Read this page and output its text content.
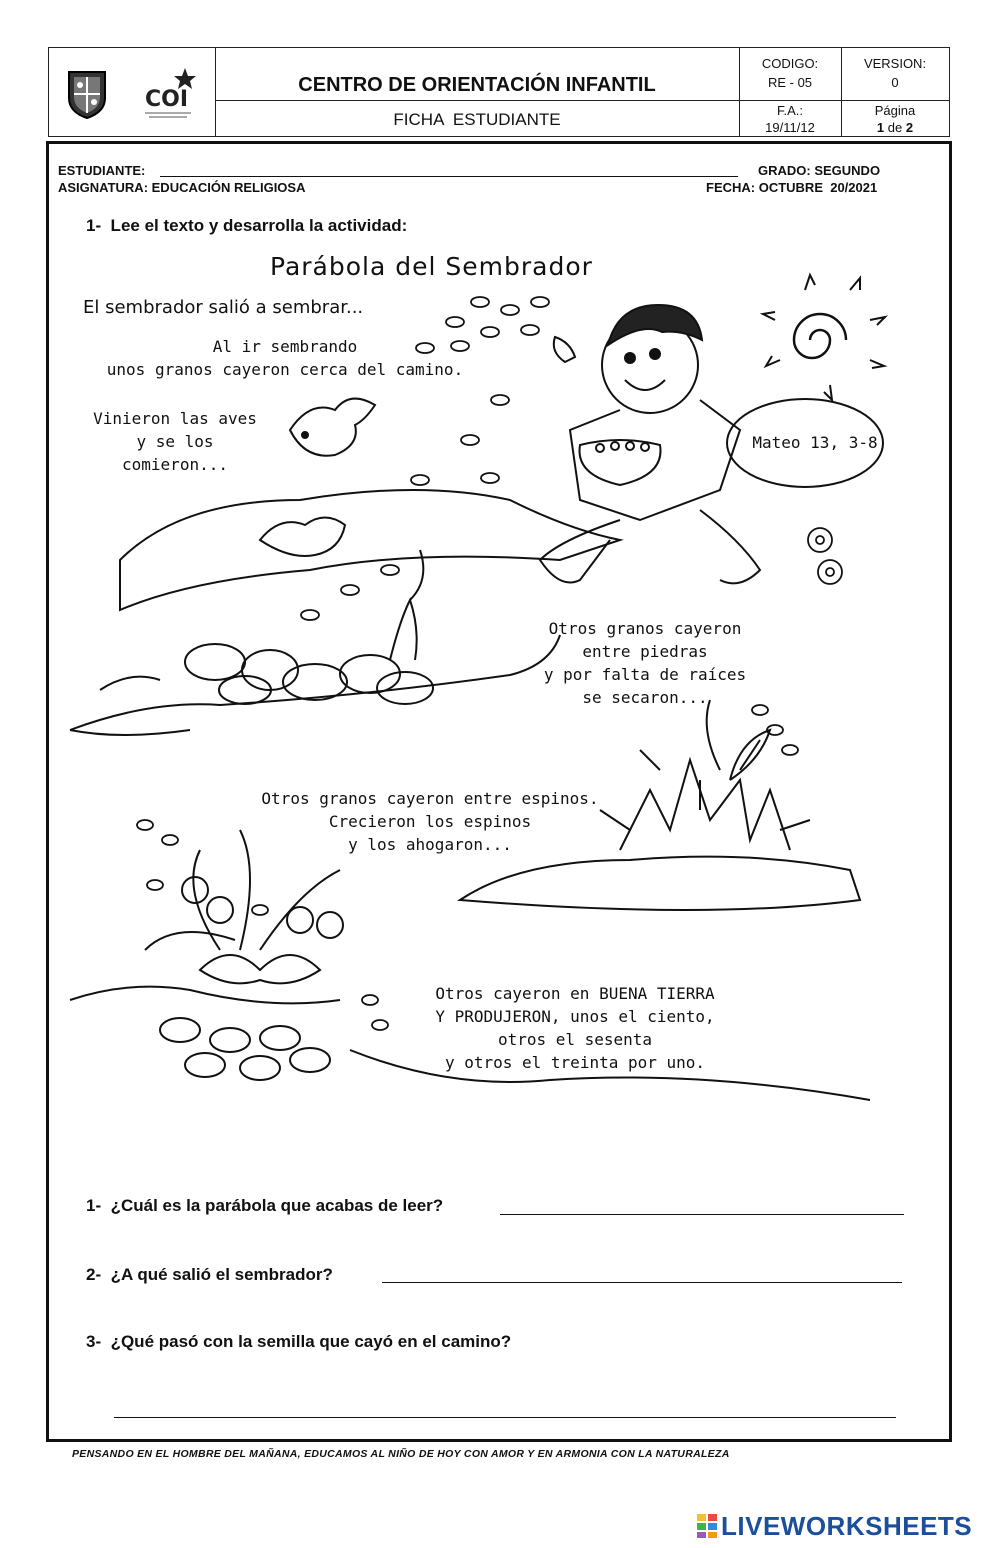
COI
CENTRO DE ORIENTACIÓN INFANTIL
FICHA  ESTUDIANTE
CODIGO:
RE - 05
VERSION:
0
F.A.:
19/11/12
Página
1 de 2
ESTUDIANTE:	GRADO: SEGUNDO
ASIGNATURA: EDUCACIÓN RELIGIOSA	FECHA: OCTUBRE  20/2021
1-  Lee el texto y desarrolla la actividad:
Parábola del Sembrador
El sembrador salió a sembrar...
Al ir sembrando
unos granos cayeron cerca del camino.
Vinieron las aves
y se los
comieron...
Mateo 13, 3-8
Otros granos cayeron
entre piedras
y por falta de raíces
se secaron...
Otros granos cayeron entre espinos.
Crecieron los espinos
y los ahogaron...
Otros cayeron en BUENA TIERRA
Y PRODUJERON, unos el ciento,
otros el sesenta
y otros el treinta por uno.
1- ¿Cuál es la parábola que acabas de leer?
2- ¿A qué salió el sembrador?
3- ¿Qué pasó con la semilla que cayó en el camino?
PENSANDO EN EL HOMBRE DEL MAÑANA, EDUCAMOS AL NIÑO DE HOY CON AMOR Y EN ARMONIA CON LA NATURALEZA
LIVEWORKSHEETS
